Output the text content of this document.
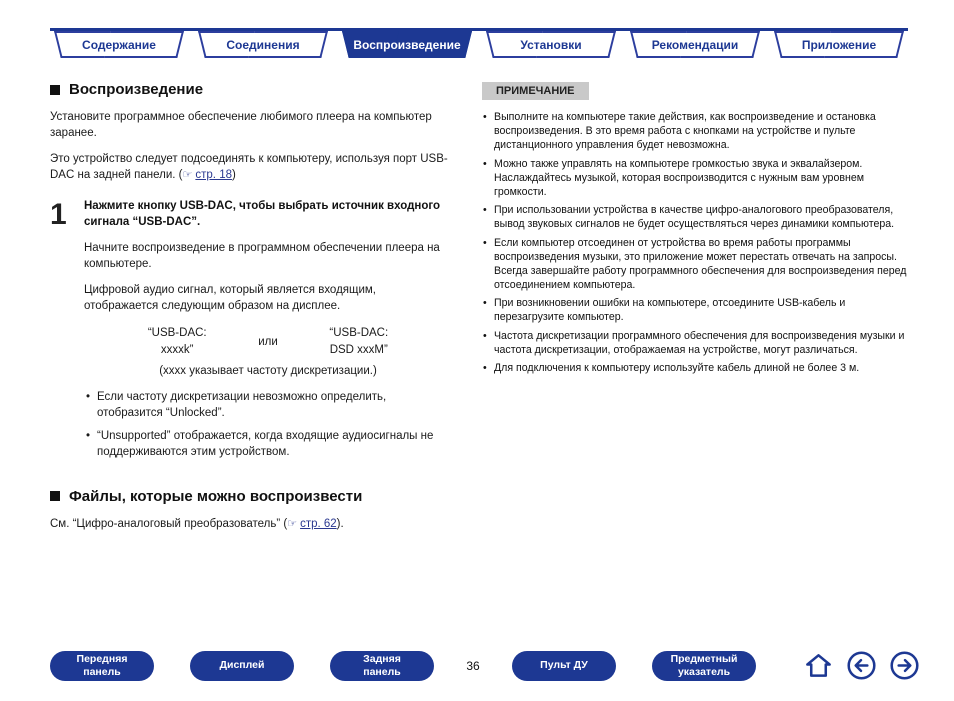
Содержание	Соединения	Воспроизведение	Установки	Рекомендации	Приложение
Воспроизведение

Установите программное обеспечение любимого плеера на компьютер заранее.

Это устройство следует подсоединять к компьютеру, используя порт USB-DAC на задней панели. (☞ стр. 18)

1	Нажмите кнопку USB-DAC, чтобы выбрать источник входного сигнала “USB-DAC”.

Начните воспроизведение в программном обеспечении плеера на компьютере.

Цифровой аудио сигнал, который является входящим, отображается следующим образом на дисплее.

“USB-DAC:
xxxxk”
или
“USB-DAC:
DSD xxxM”

(xxxx указывает частоту дискретизации.)

• Если частоту дискретизации невозможно определить, отобразится “Unlocked”.
• “Unsupported” отображается, когда входящие аудиосигналы не поддерживаются этим устройством.
Файлы, которые можно воспроизвести

См. “Цифро-аналоговый преобразователь” (☞ стр. 62).

ПРИМЕЧАНИЕ
• Выполните на компьютере такие действия, как воспроизведение и остановка воспроизведения. В это время работа с кнопками на устройстве и пульте дистанционного управления будет невозможна.
• Можно также управлять на компьютере громкостью звука и эквалайзером. Наслаждайтесь музыкой, которая воспроизводится с нужным вам уровнем громкости.
• При использовании устройства в качестве цифро-аналогового преобразователя, вывод звуковых сигналов не будет осуществляться через динамики компьютера.
• Если компьютер отсоединен от устройства во время работы программы воспроизведения музыки, это приложение может перестать отвечать на запросы. Всегда завершайте работу программного обеспечения для воспроизведения перед отсоединением компьютера.
• При возникновении ошибки на компьютере, отсоедините USB-кабель и перезагрузите компьютер.
• Частота дискретизации программного обеспечения для воспроизведения музыки и частота дискретизации, отображаемая на устройстве, могут различаться.
• Для подключения к компьютеру используйте кабель длиной не более 3 м.
Передняя панель
Дисплей
Задняя панель	36	Пульт ДУ
Предметный указатель
